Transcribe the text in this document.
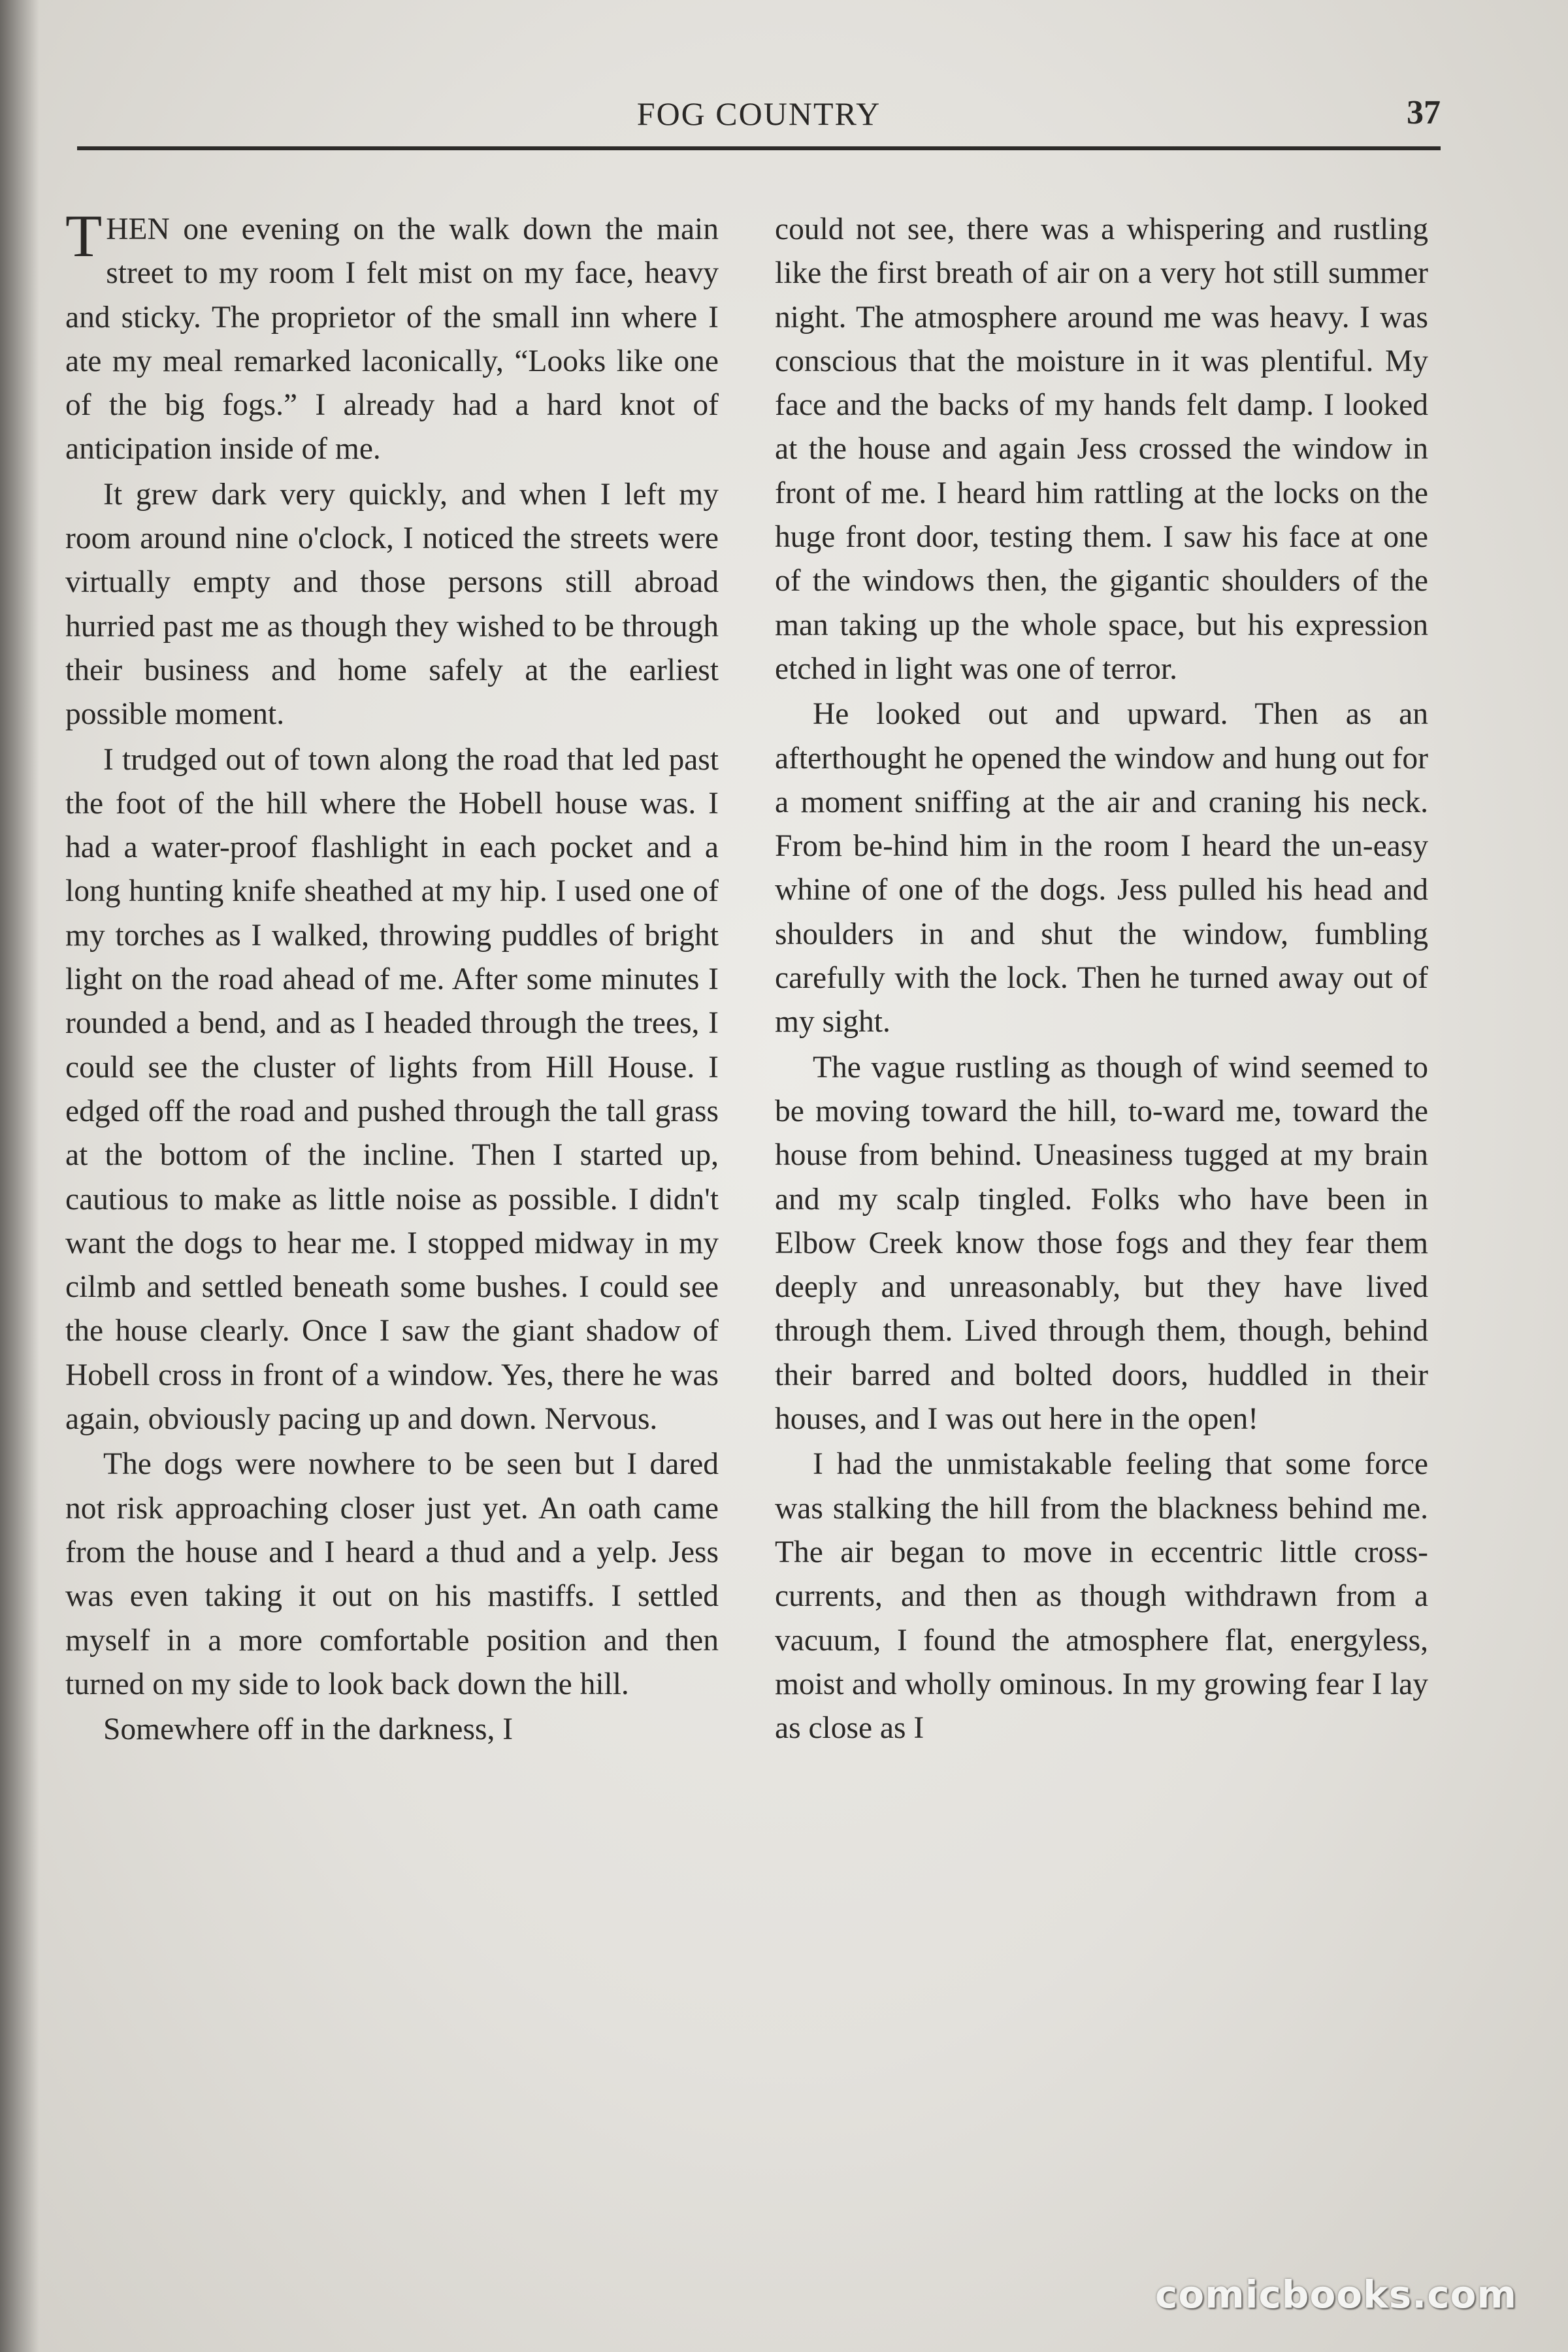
FOG COUNTRY	37

THEN one evening on the walk down the main street to my room I felt mist on my face, heavy and sticky. The proprietor of the small inn where I ate my meal remarked laconically, “Looks like one of the big fogs.” I already had a hard knot of anticipation inside of me.

It grew dark very quickly, and when I left my room around nine o'clock, I noticed the streets were virtually empty and those persons still abroad hurried past me as though they wished to be through their business and home safely at the earliest possible moment.

I trudged out of town along the road that led past the foot of the hill where the Hobell house was. I had a water-proof flashlight in each pocket and a long hunting knife sheathed at my hip. I used one of my torches as I walked, throwing puddles of bright light on the road ahead of me. After some minutes I rounded a bend, and as I headed through the trees, I could see the cluster of lights from Hill House. I edged off the road and pushed through the tall grass at the bottom of the incline. Then I started up, cautious to make as little noise as possible. I didn't want the dogs to hear me. I stopped midway in my cilmb and settled beneath some bushes. I could see the house clearly. Once I saw the giant shadow of Hobell cross in front of a window. Yes, there he was again, obviously pacing up and down. Nervous.

The dogs were nowhere to be seen but I dared not risk approaching closer just yet. An oath came from the house and I heard a thud and a yelp. Jess was even taking it out on his mastiffs. I settled myself in a more comfortable position and then turned on my side to look back down the hill.

Somewhere off in the darkness, I

could not see, there was a whispering and rustling like the first breath of air on a very hot still summer night. The atmosphere around me was heavy. I was conscious that the moisture in it was plentiful. My face and the backs of my hands felt damp. I looked at the house and again Jess crossed the window in front of me. I heard him rattling at the locks on the huge front door, testing them. I saw his face at one of the windows then, the gigantic shoulders of the man taking up the whole space, but his expression etched in light was one of terror.

He looked out and upward. Then as an afterthought he opened the window and hung out for a moment sniffing at the air and craning his neck. From be-hind him in the room I heard the un-easy whine of one of the dogs. Jess pulled his head and shoulders in and shut the window, fumbling carefully with the lock. Then he turned away out of my sight.

The vague rustling as though of wind seemed to be moving toward the hill, to-ward me, toward the house from behind. Uneasiness tugged at my brain and my scalp tingled. Folks who have been in Elbow Creek know those fogs and they fear them deeply and unreasonably, but they have lived through them. Lived through them, though, behind their barred and bolted doors, huddled in their houses, and I was out here in the open!

I had the unmistakable feeling that some force was stalking the hill from the blackness behind me. The air began to move in eccentric little cross-currents, and then as though withdrawn from a vacuum, I found the atmosphere flat, energyless, moist and wholly ominous. In my growing fear I lay as close as I

comicbooks.com
